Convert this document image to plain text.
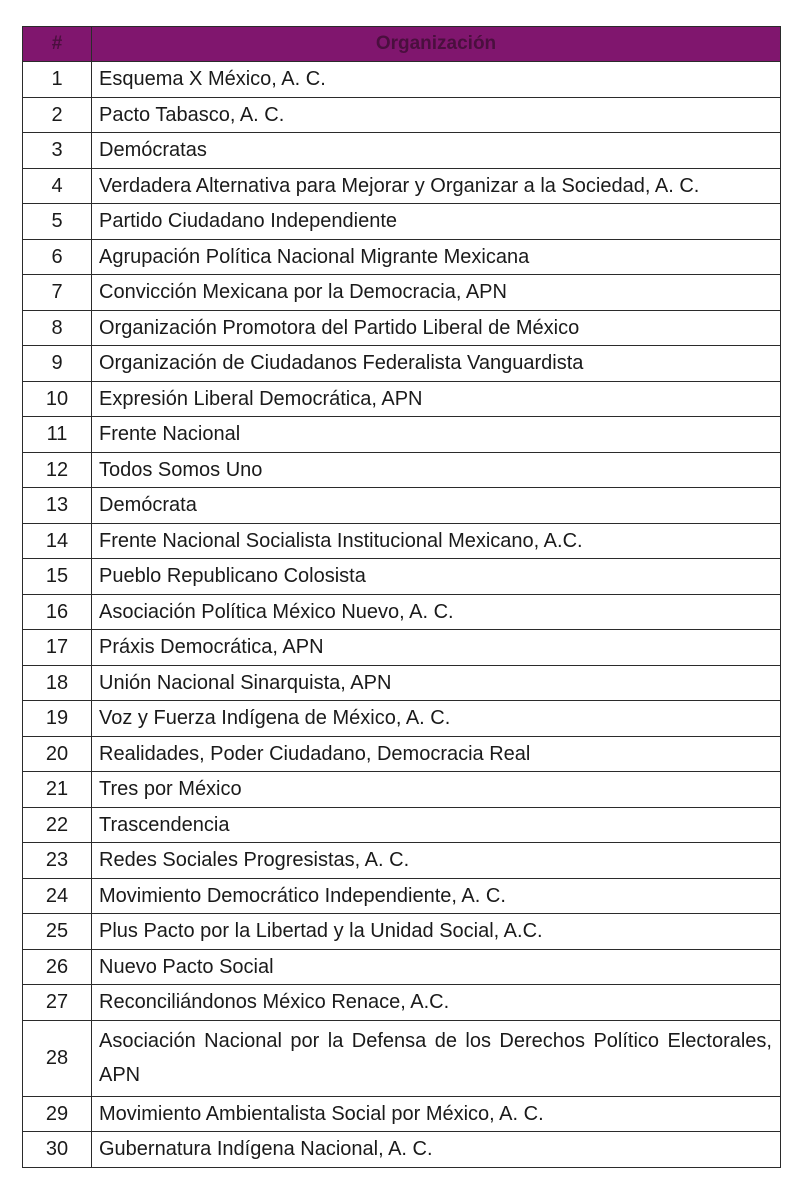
#	Organización
1	Esquema X México, A. C.
2	Pacto Tabasco, A. C.
3	Demócratas
4	Verdadera Alternativa para Mejorar y Organizar a la Sociedad, A. C.
5	Partido Ciudadano Independiente
6	Agrupación Política Nacional Migrante Mexicana
7	Convicción Mexicana por la Democracia, APN
8	Organización Promotora del Partido Liberal de México
9	Organización de Ciudadanos Federalista Vanguardista
10	Expresión Liberal Democrática, APN
11	Frente Nacional
12	Todos Somos Uno
13	Demócrata
14	Frente Nacional Socialista Institucional Mexicano, A.C.
15	Pueblo Republicano Colosista
16	Asociación Política México Nuevo, A. C.
17	Práxis Democrática, APN
18	Unión Nacional Sinarquista, APN
19	Voz y Fuerza Indígena de México, A. C.
20	Realidades, Poder Ciudadano, Democracia Real
21	Tres por México
22	Trascendencia
23	Redes Sociales Progresistas, A. C.
24	Movimiento Democrático Independiente, A. C.
25	Plus Pacto por la Libertad y la Unidad Social, A.C.
26	Nuevo Pacto Social
27	Reconciliándonos México Renace, A.C.
28	Asociación Nacional por la Defensa de los Derechos Político Electorales, APN
29	Movimiento Ambientalista Social por México, A. C.
30	Gubernatura Indígena Nacional, A. C.
